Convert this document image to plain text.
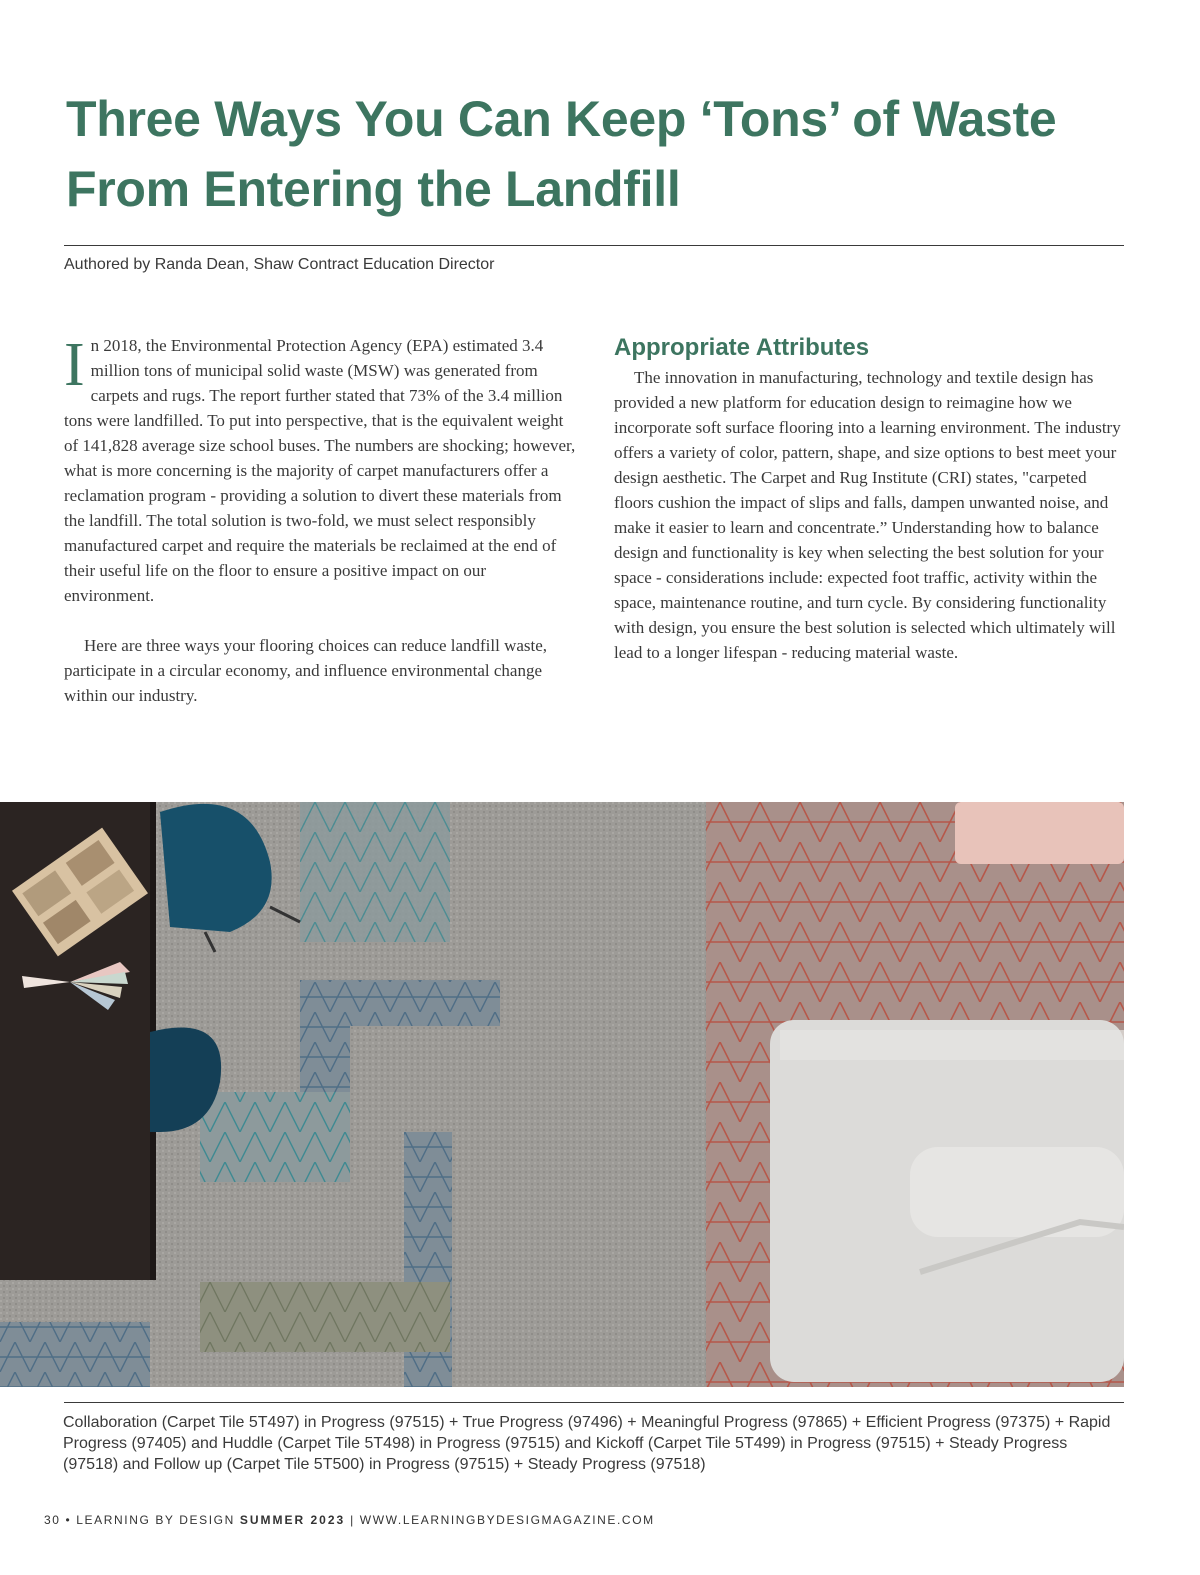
Three Ways You Can Keep ‘Tons’ of Waste From Entering the Landfill
Authored by Randa Dean, Shaw Contract Education Director

In 2018, the Environmental Protection Agency (EPA) estimated 3.4 million tons of municipal solid waste (MSW) was generated from carpets and rugs. The report further stated that 73% of the 3.4 million tons were landfilled. To put into perspective, that is the equivalent weight of 141,828 average size school buses. The numbers are shocking; however, what is more concerning is the majority of carpet manufacturers offer a reclamation program - providing a solution to divert these materials from the landfill. The total solution is two-fold, we must select responsibly manufactured carpet and require the materials be reclaimed at the end of their useful life on the floor to ensure a positive impact on our environment.

Here are three ways your flooring choices can reduce landfill waste, participate in a circular economy, and influence environmental change within our industry.

Appropriate Attributes

The innovation in manufacturing, technology and textile design has provided a new platform for education design to reimagine how we incorporate soft surface flooring into a learning environment. The industry offers a variety of color, pattern, shape, and size options to best meet your design aesthetic. The Carpet and Rug Institute (CRI) states, "carpeted floors cushion the impact of slips and falls, dampen unwanted noise, and make it easier to learn and concentrate.” Understanding how to balance design and functionality is key when selecting the best solution for your space - considerations include: expected foot traffic, activity within the space, maintenance routine, and turn cycle. By considering functionality with design, you ensure the best solution is selected which ultimately will lead to a longer lifespan - reducing material waste.

Collaboration (Carpet Tile 5T497) in Progress (97515) + True Progress (97496) + Meaningful Progress (97865) + Efficient Progress (97375) + Rapid Progress (97405) and Huddle (Carpet Tile 5T498) in Progress (97515) and Kickoff (Carpet Tile 5T499) in Progress (97515) + Steady Progress (97518) and Follow up (Carpet Tile 5T500) in Progress (97515) + Steady Progress (97518)
30 • LEARNING BY DESIGN SUMMER 2023 | WWW.LEARNINGBYDESIGMAGAZINE.COM
